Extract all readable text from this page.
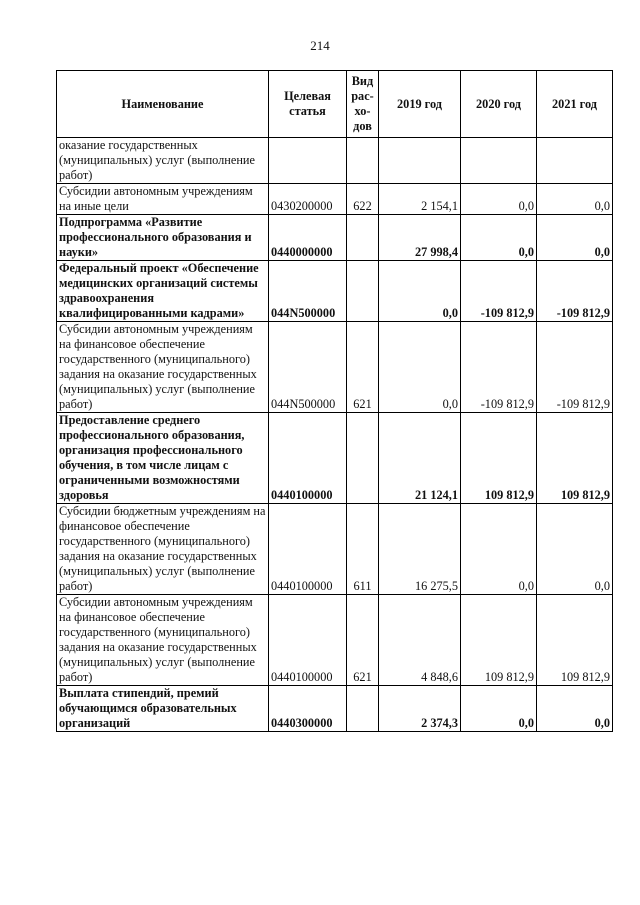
214
Наименование	Целевая статья	Вид рас-хо-дов	2019 год	2020 год	2021 год
оказание государственных (муниципальных) услуг (выполнение работ)					
Субсидии автономным учреждениям на иные цели	0430200000	622	2 154,1	0,0	0,0
Подпрограмма «Развитие профессионального образования и науки»	0440000000		27 998,4	0,0	0,0
Федеральный проект «Обеспечение медицинских организаций системы здравоохранения квалифицированными кадрами»	044N500000		0,0	-109 812,9	-109 812,9
Субсидии автономным учреждениям на финансовое обеспечение государственного (муниципального) задания на оказание государственных (муниципальных) услуг (выполнение работ)	044N500000	621	0,0	-109 812,9	-109 812,9
Предоставление среднего профессионального образования, организация профессионального обучения, в том числе лицам с ограниченными возможностями здоровья	0440100000		21 124,1	109 812,9	109 812,9
Субсидии бюджетным учреждениям на финансовое обеспечение государственного (муниципального) задания на оказание государственных (муниципальных) услуг (выполнение работ)	0440100000	611	16 275,5	0,0	0,0
Субсидии автономным учреждениям на финансовое обеспечение государственного (муниципального) задания на оказание государственных (муниципальных) услуг (выполнение работ)	0440100000	621	4 848,6	109 812,9	109 812,9
Выплата стипендий, премий обучающимся образовательных организаций	0440300000		2 374,3	0,0	0,0
